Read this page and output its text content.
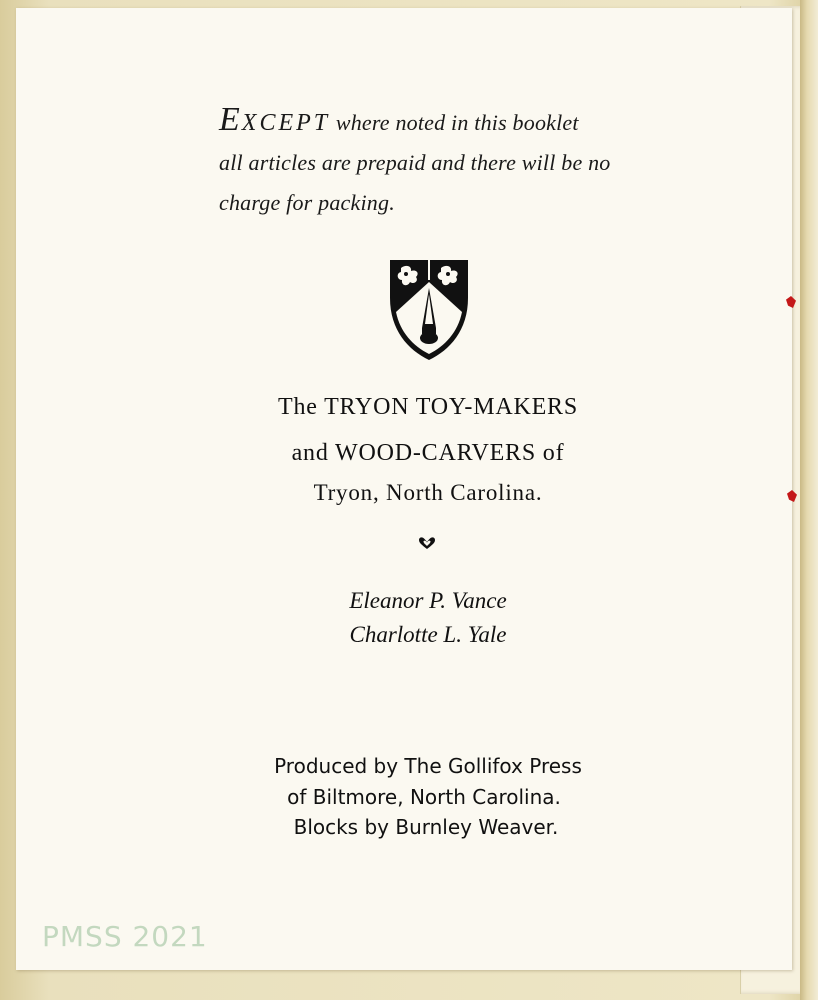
EXCEPT where noted in this booklet
all articles are prepaid and there will be no
charge for packing.
The TRYON TOY-MAKERS
and WOOD-CARVERS of
Tryon, North Carolina.
Eleanor P. Vance
Charlotte L. Yale
Produced by The Gollifox Press
of Biltmore, North Carolina.
Blocks by Burnley Weaver.
PMSS 2021
